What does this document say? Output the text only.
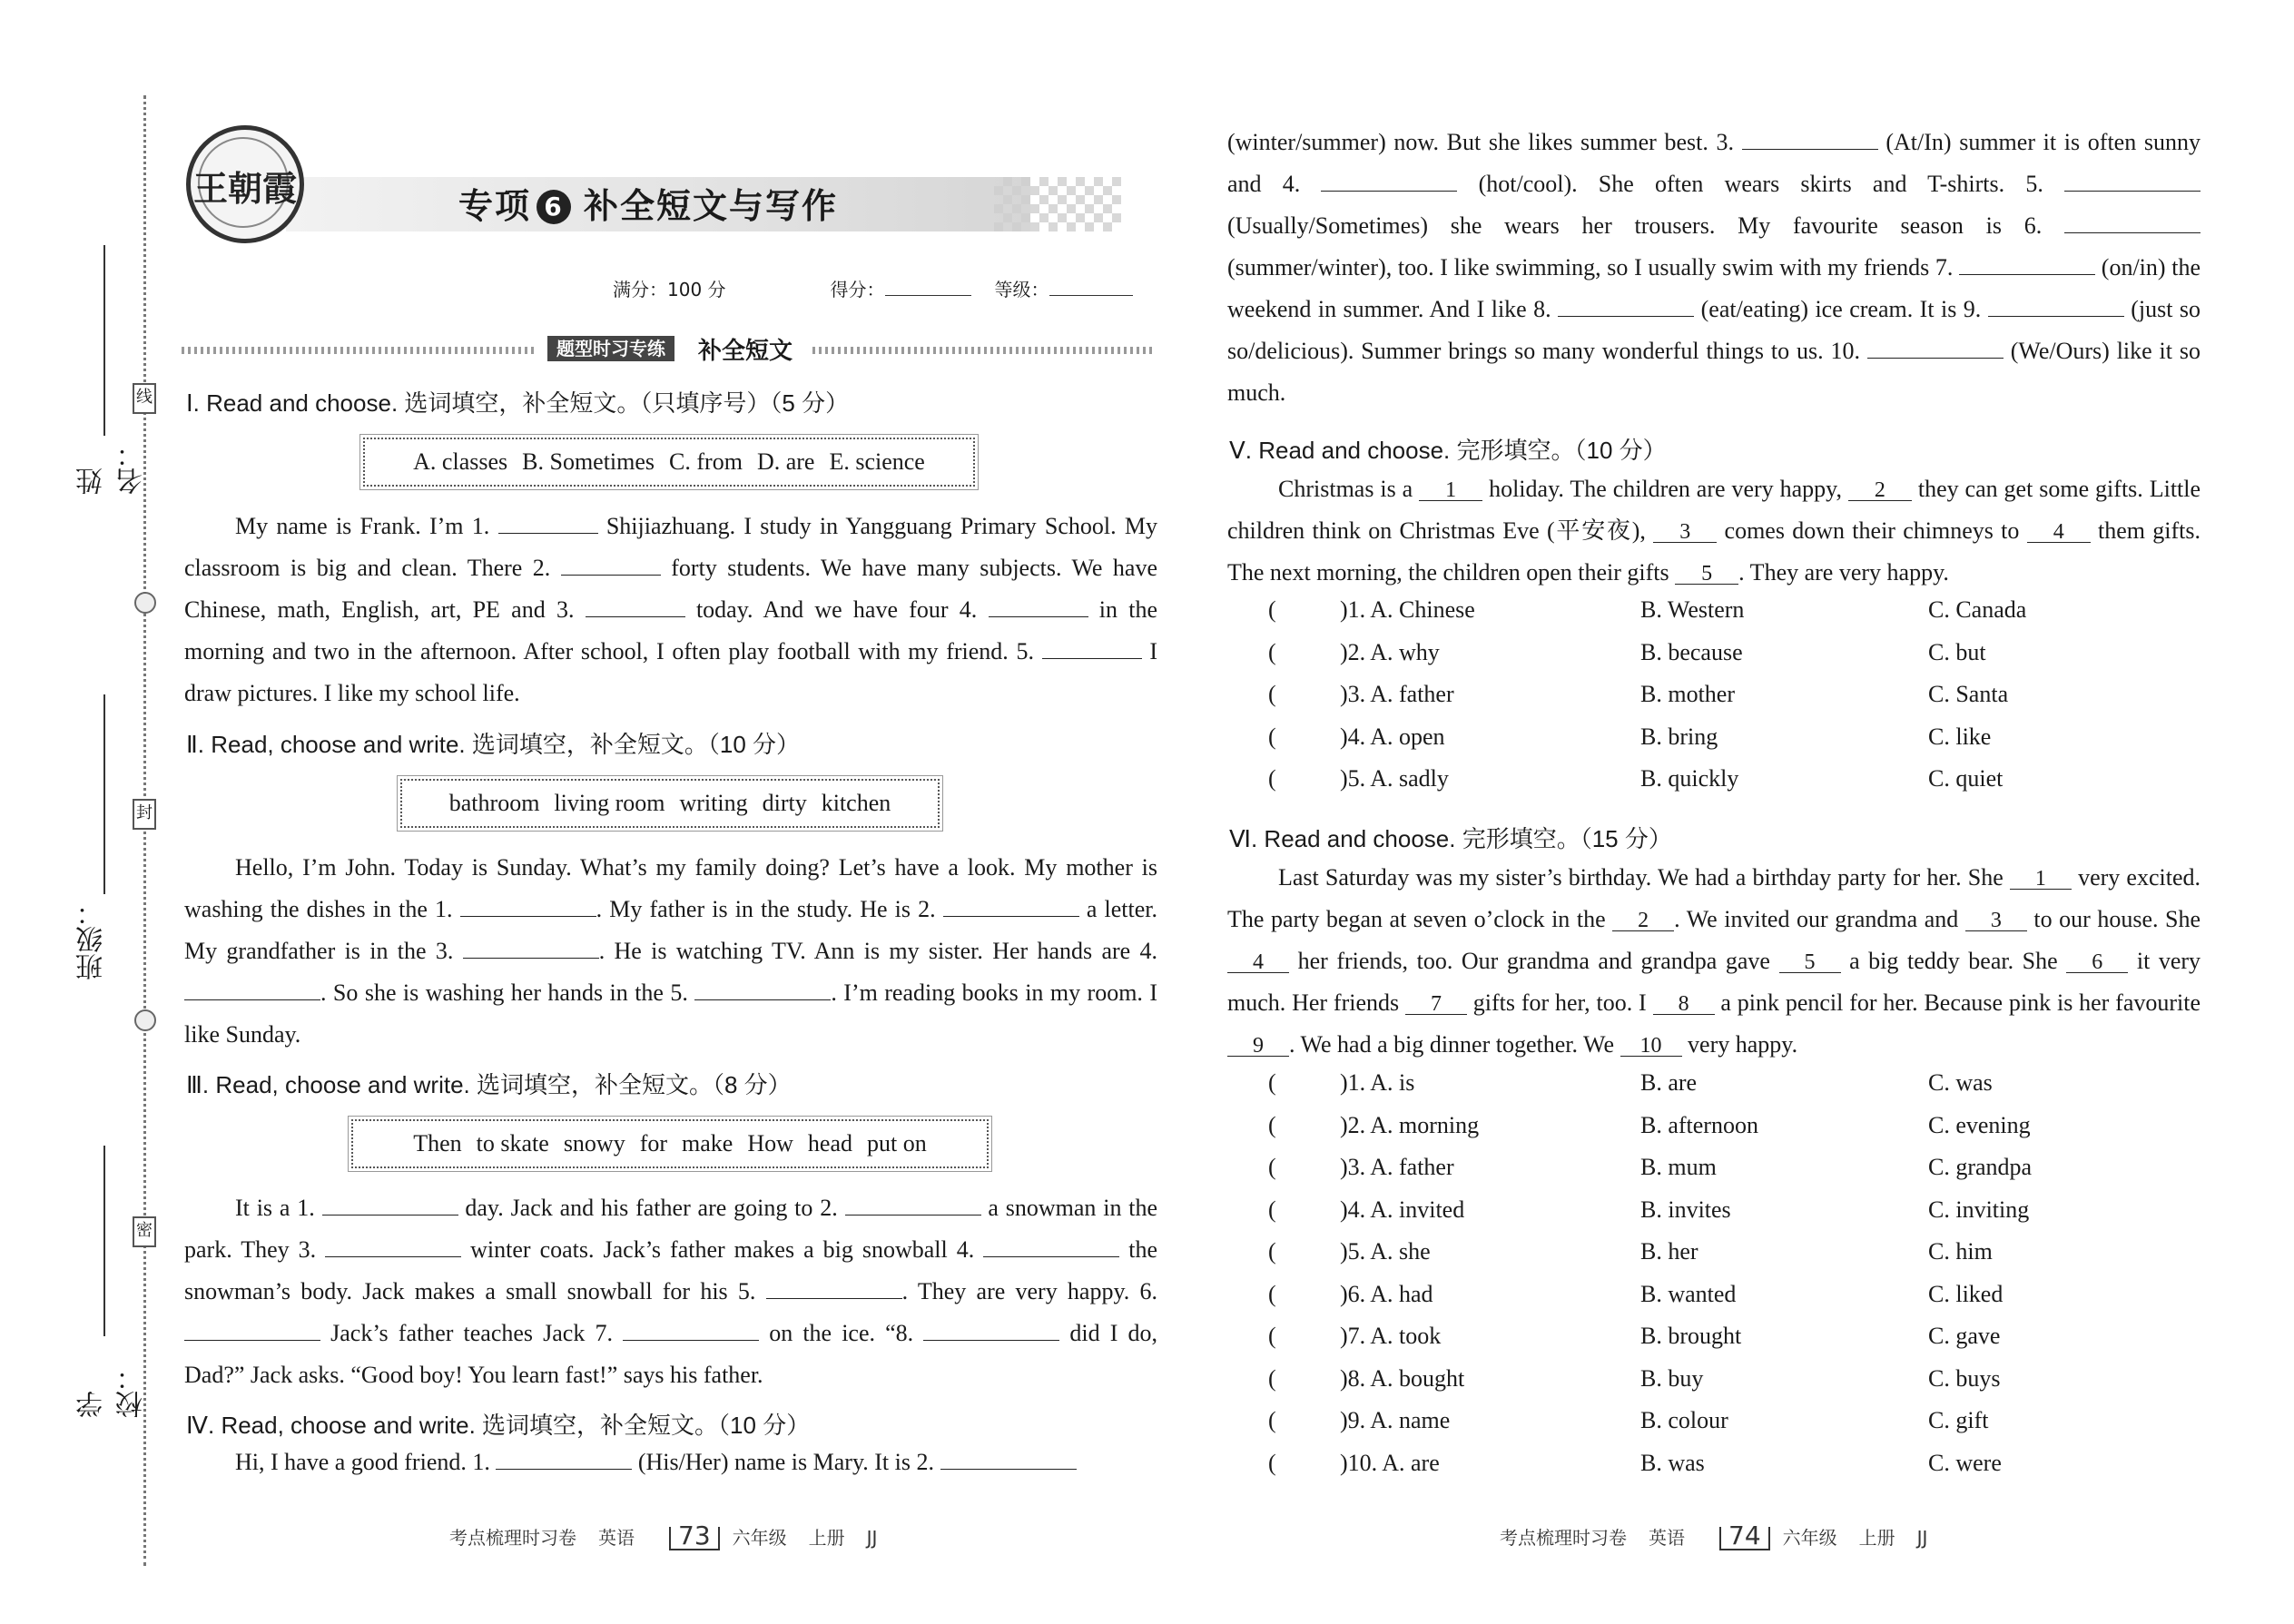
姓名：
班级：
学校：
线
封
密
王朝霞	专项 6 补全短文与写作
满分：100 分	得分：	等级：
题型时习专练	补全短文
Ⅰ. Read and choose. 选词填空，补全短文。（只填序号）（5 分）
A. classes B. Sometimes C. from D. are E. science

My name is Frank. I’m 1.	Shijiazhuang. I study in Yangguang Primary School. My classroom is big and clean. There 2.	forty students. We have many subjects. We have Chinese, math, English, art, PE and 3.	today. And we have four 4.	in the morning and two in the afternoon. After school, I often play football with my friend. 5.	I draw pictures. I like my school life.

Ⅱ. Read, choose and write. 选词填空，补全短文。（10 分）
bathroom living room writing dirty kitchen

Hello, I’m John. Today is Sunday. What’s my family doing? Let’s have a look. My mother is washing the dishes in the 1.	. My father is in the study. He is 2.	a letter. My grandfather is in the 3.	. He is watching TV. Ann is my sister. Her hands are 4. . So she is washing her hands in the 5.	. I’m reading books in my room. I like Sunday.

Ⅲ. Read, choose and write. 选词填空，补全短文。（8 分）
Then to skate snowy for make How head put on

It is a 1.	day. Jack and his father are going to 2.	a snowman in the park. They 3.	winter coats. Jack’s father makes a big snowball 4.	the snowman’s body. Jack makes a small snowball for his 5.	. They are very happy. 6.  Jack’s father teaches Jack 7.	on the ice. “8.	did I do, Dad?” Jack asks. “Good boy! You learn fast!” says his father.

Ⅳ. Read, choose and write. 选词填空，补全短文。（10 分）

Hi, I have a good friend. 1.	(His/Her) name is Mary. It is 2.

考点梳理时习卷 英语 73 六年级 上册 JJ

(winter/summer) now. But she likes summer best. 3.	(At/In) summer it is often sunny and 4.	(hot/cool). She often wears skirts and T-shirts. 5.  (Usually/Sometimes) she wears her trousers. My favourite season is 6.  (summer/winter), too. I like swimming, so I usually swim with my friends 7.	(on/in) the weekend in summer. And I like 8.	(eat/eating) ice cream. It is 9.	(just so so/delicious). Summer brings so many wonderful things to us. 10.	(We/Ours) like it so much.

Ⅴ. Read and choose. 完形填空。（10 分）

Christmas is a 1 holiday. The children are very happy, 2 they can get some gifts. Little children think on Christmas Eve (平安夜), 3 comes down their chimneys to 4 them gifts. The next morning, the children open their gifts 5 . They are very happy.

(	)1. A. Chinese	B. Western	C. Canada
(	)2. A. why	B. because	C. but
(	)3. A. father	B. mother	C. Santa
(	)4. A. open	B. bring	C. like
(	)5. A. sadly	B. quickly	C. quiet
Ⅵ. Read and choose. 完形填空。（15 分）

Last Saturday was my sister’s birthday. We had a birthday party for her. She 1 very excited. The party began at seven o’clock in the 2 . We invited our grandma and 3 to our house. She 4 her friends, too. Our grandma and grandpa gave 5 a big teddy bear. She 6 it very much. Her friends 7 gifts for her, too. I 8 a pink pencil for her. Because pink is her favourite 9 . We had a big dinner together. We 10 very happy.

(	)1. A. is	B. are	C. was
(	)2. A. morning	B. afternoon	C. evening
(	)3. A. father	B. mum	C. grandpa
(	)4. A. invited	B. invites	C. inviting
(	)5. A. she	B. her	C. him
(	)6. A. had	B. wanted	C. liked
(	)7. A. took	B. brought	C. gave
(	)8. A. bought	B. buy	C. buys
(	)9. A. name	B. colour	C. gift
(	)10. A. are	B. was	C. were
考点梳理时习卷 英语 74 六年级 上册 JJ
